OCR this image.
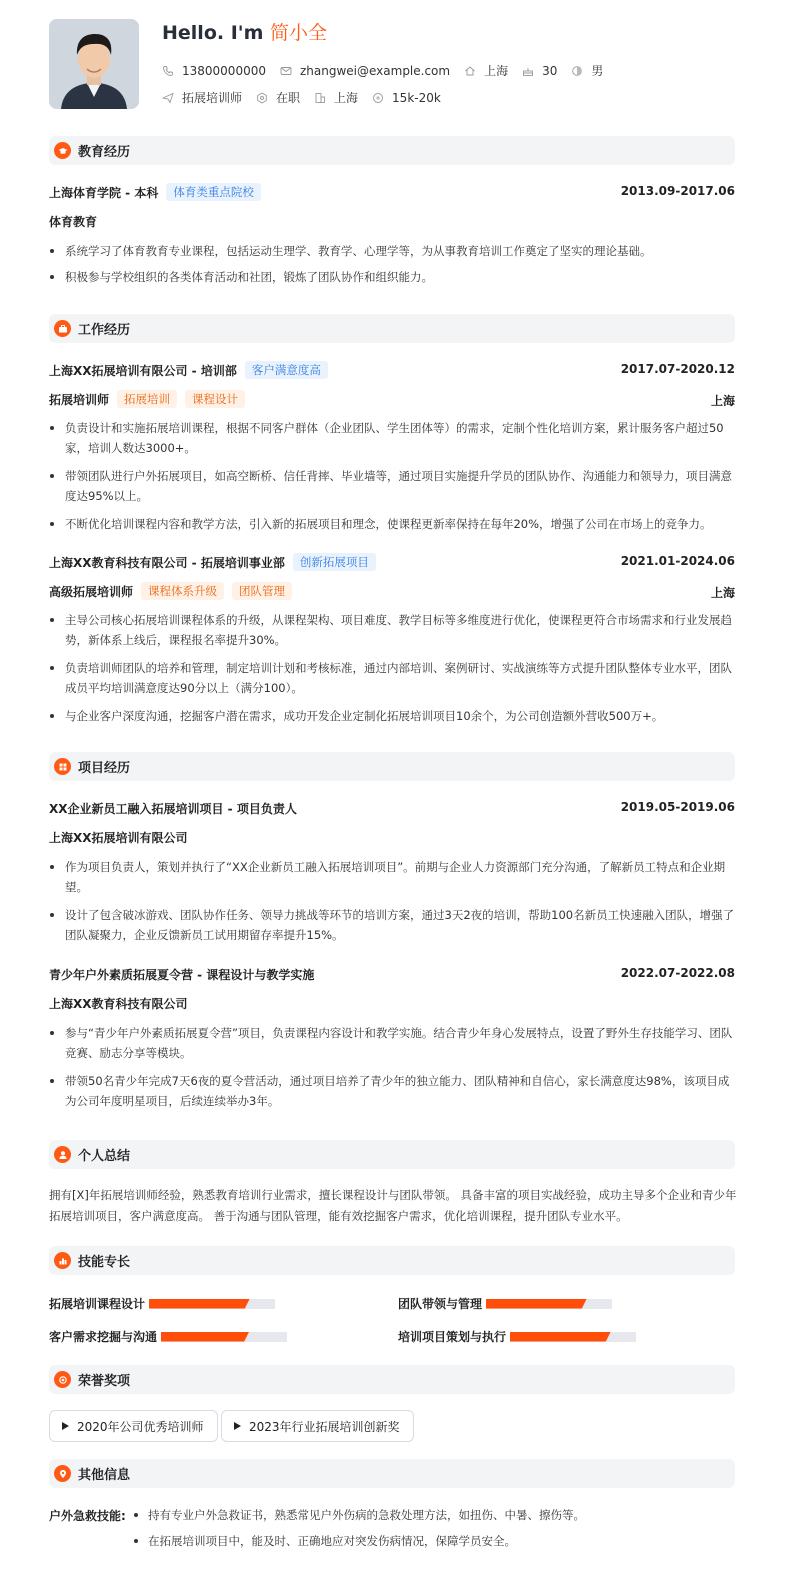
Hello. I'm 简小全
13800000000	zhangwei@example.com	上海	30	男
拓展培训师	在职	上海	15k-20k
教育经历
上海体育学院 - 本科	体育类重点院校	2013.09-2017.06
体育教育
系统学习了体育教育专业课程，包括运动生理学、教育学、心理学等，为从事教育培训工作奠定了坚实的理论基础。
积极参与学校组织的各类体育活动和社团，锻炼了团队协作和组织能力。
工作经历
上海XX拓展培训有限公司 - 培训部	客户满意度高	2017.07-2020.12
拓展培训师	拓展培训	课程设计	上海
负责设计和实施拓展培训课程，根据不同客户群体（企业团队、学生团体等）的需求，定制个性化培训方案，累计服务客户超过50家，培训人数达3000+。
带领团队进行户外拓展项目，如高空断桥、信任背摔、毕业墙等，通过项目实施提升学员的团队协作、沟通能力和领导力，项目满意度达95%以上。
不断优化培训课程内容和教学方法，引入新的拓展项目和理念，使课程更新率保持在每年20%，增强了公司在市场上的竞争力。
上海XX教育科技有限公司 - 拓展培训事业部	创新拓展项目	2021.01-2024.06
高级拓展培训师	课程体系升级	团队管理	上海
主导公司核心拓展培训课程体系的升级，从课程架构、项目难度、教学目标等多维度进行优化，使课程更符合市场需求和行业发展趋势，新体系上线后，课程报名率提升30%。
负责培训师团队的培养和管理，制定培训计划和考核标准，通过内部培训、案例研讨、实战演练等方式提升团队整体专业水平，团队成员平均培训满意度达90分以上（满分100）。
与企业客户深度沟通，挖掘客户潜在需求，成功开发企业定制化拓展培训项目10余个，为公司创造额外营收500万+。
项目经历
XX企业新员工融入拓展培训项目 - 项目负责人	2019.05-2019.06
上海XX拓展培训有限公司
作为项目负责人，策划并执行了“XX企业新员工融入拓展培训项目”。前期与企业人力资源部门充分沟通，了解新员工特点和企业期望。
设计了包含破冰游戏、团队协作任务、领导力挑战等环节的培训方案，通过3天2夜的培训，帮助100名新员工快速融入团队，增强了团队凝聚力，企业反馈新员工试用期留存率提升15%。
青少年户外素质拓展夏令营 - 课程设计与教学实施	2022.07-2022.08
上海XX教育科技有限公司
参与“青少年户外素质拓展夏令营”项目，负责课程内容设计和教学实施。结合青少年身心发展特点，设置了野外生存技能学习、团队竞赛、励志分享等模块。
带领50名青少年完成7天6夜的夏令营活动，通过项目培养了青少年的独立能力、团队精神和自信心，家长满意度达98%，该项目成为公司年度明星项目，后续连续举办3年。
个人总结
拥有[X]年拓展培训师经验，熟悉教育培训行业需求，擅长课程设计与团队带领。 具备丰富的项目实战经验，成功主导多个企业和青少年拓展培训项目，客户满意度高。 善于沟通与团队管理，能有效挖掘客户需求，优化培训课程，提升团队专业水平。
技能专长
拓展培训课程设计	团队带领与管理
客户需求挖掘与沟通	培训项目策划与执行
荣誉奖项
2020年公司优秀培训师	2023年行业拓展培训创新奖
其他信息
户外急救技能:	持有专业户外急救证书，熟悉常见户外伤病的急救处理方法，如扭伤、中暑、擦伤等。
在拓展培训项目中，能及时、正确地应对突发伤病情况，保障学员安全。
